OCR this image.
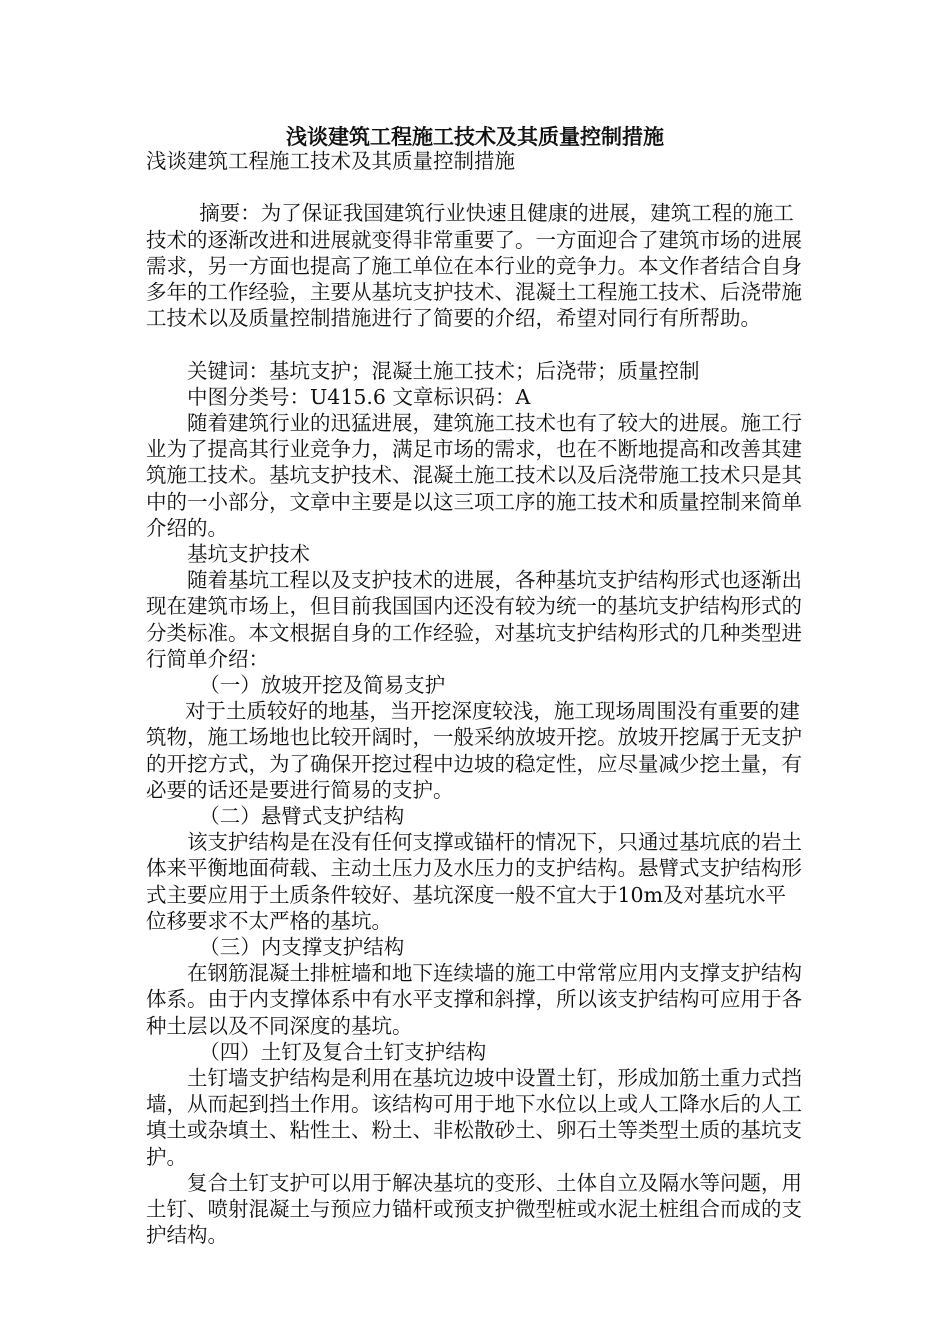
浅谈建筑工程施工技术及其质量控制措施

浅谈建筑工程施工技术及其质量控制措施

摘要：为了保证我国建筑行业快速且健康的进展，建筑工程的施工技术的逐渐改进和进展就变得非常重要了。一方面迎合了建筑市场的进展需求，另一方面也提高了施工单位在本行业的竞争力。本文作者结合自身多年的工作经验，主要从基坑支护技术、混凝土工程施工技术、后浇带施工技术以及质量控制措施进行了简要的介绍，希望对同行有所帮助。

关键词：基坑支护；混凝土施工技术；后浇带；质量控制

中图分类号：U415.6 文章标识码：A

随着建筑行业的迅猛进展，建筑施工技术也有了较大的进展。施工行业为了提高其行业竞争力，满足市场的需求，也在不断地提高和改善其建筑施工技术。基坑支护技术、混凝土施工技术以及后浇带施工技术只是其中的一小部分，文章中主要是以这三项工序的施工技术和质量控制来简单介绍的。

基坑支护技术

随着基坑工程以及支护技术的进展，各种基坑支护结构形式也逐渐出现在建筑市场上，但目前我国国内还没有较为统一的基坑支护结构形式的分类标准。本文根据自身的工作经验，对基坑支护结构形式的几种类型进行简单介绍：

（一）放坡开挖及简易支护

对于土质较好的地基，当开挖深度较浅，施工现场周围没有重要的建筑物，施工场地也比较开阔时，一般采纳放坡开挖。放坡开挖属于无支护的开挖方式，为了确保开挖过程中边坡的稳定性，应尽量减少挖土量，有必要的话还是要进行简易的支护。

（二）悬臂式支护结构

该支护结构是在没有任何支撑或锚杆的情况下，只通过基坑底的岩土体来平衡地面荷载、主动土压力及水压力的支护结构。悬臂式支护结构形式主要应用于土质条件较好、基坑深度一般不宜大于10m及对基坑水平位移要求不太严格的基坑。

（三）内支撑支护结构

在钢筋混凝土排桩墙和地下连续墙的施工中常常应用内支撑支护结构体系。由于内支撑体系中有水平支撑和斜撑，所以该支护结构可应用于各种土层以及不同深度的基坑。

（四）土钉及复合土钉支护结构

土钉墙支护结构是利用在基坑边坡中设置土钉，形成加筋土重力式挡墙，从而起到挡土作用。该结构可用于地下水位以上或人工降水后的人工填土或杂填土、粘性土、粉土、非松散砂土、卵石土等类型土质的基坑支护。

复合土钉支护可以用于解决基坑的变形、土体自立及隔水等问题，用土钉、喷射混凝土与预应力锚杆或预支护微型桩或水泥土桩组合而成的支护结构。
